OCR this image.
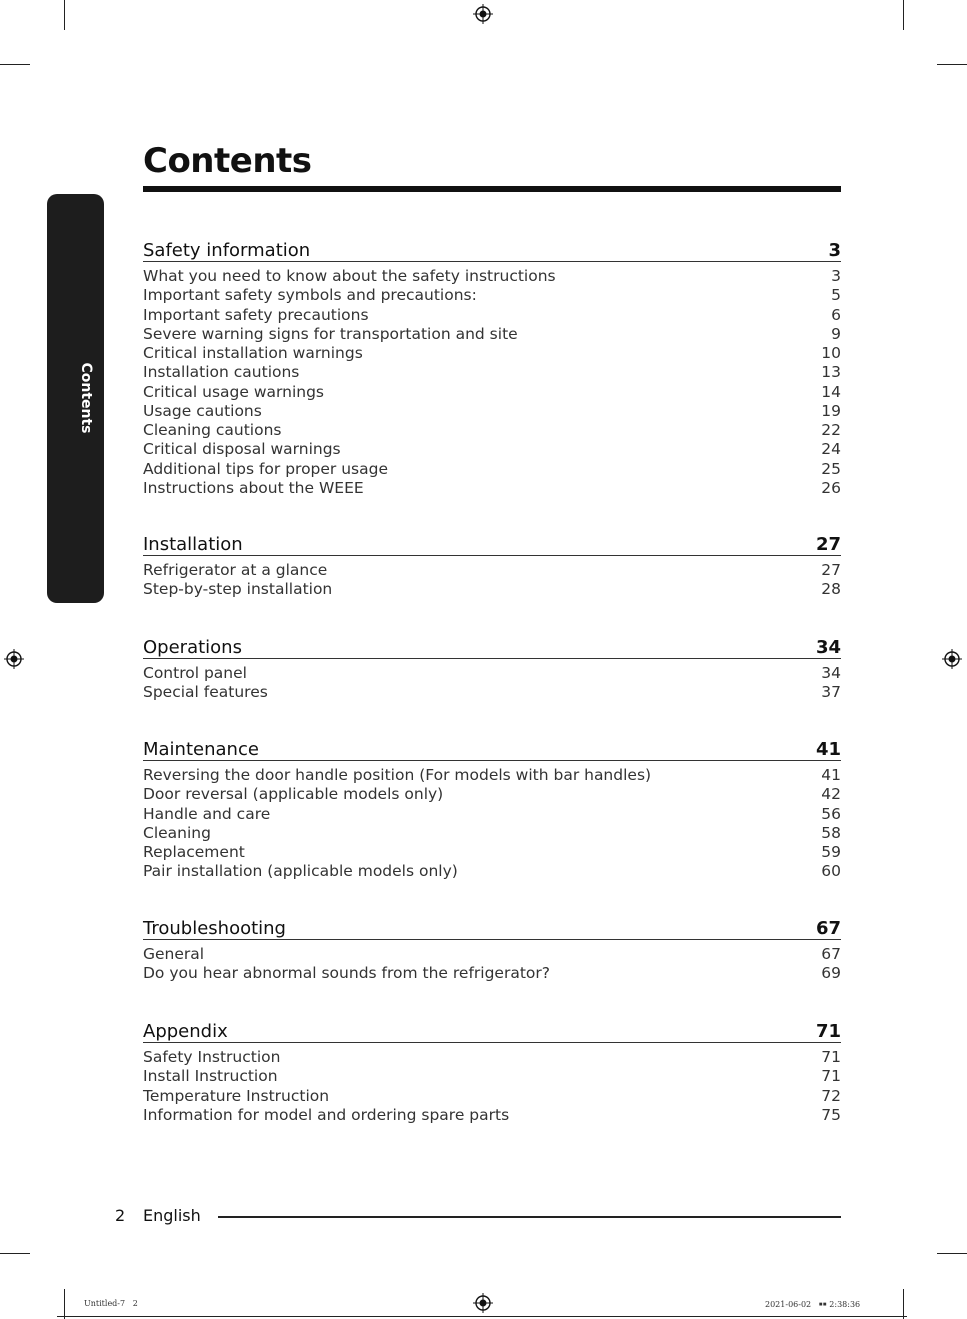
Contents
Contents
Safety information	3
What you need to know about the safety instructions	3
Important safety symbols and precautions:	5
Important safety precautions	6
Severe warning signs for transportation and site	9
Critical installation warnings	10
Installation cautions	13
Critical usage warnings	14
Usage cautions	19
Cleaning cautions	22
Critical disposal warnings	24
Additional tips for proper usage	25
Instructions about the WEEE	26
Installation	27
Refrigerator at a glance	27
Step-by-step installation	28
Operations	34
Control panel	34
Special features	37
Maintenance	41
Reversing the door handle position (For models with bar handles)	41
Door reversal (applicable models only)	42
Handle and care	56
Cleaning	58
Replacement	59
Pair installation (applicable models only)	60
Troubleshooting	67
General	67
Do you hear abnormal sounds from the refrigerator?	69
Appendix	71
Safety Instruction	71
Install Instruction	71
Temperature Instruction	72
Information for model and ordering spare parts	75
2 English
Untitled-7   2	2021-06-02   ￭￭ 2:38:36
